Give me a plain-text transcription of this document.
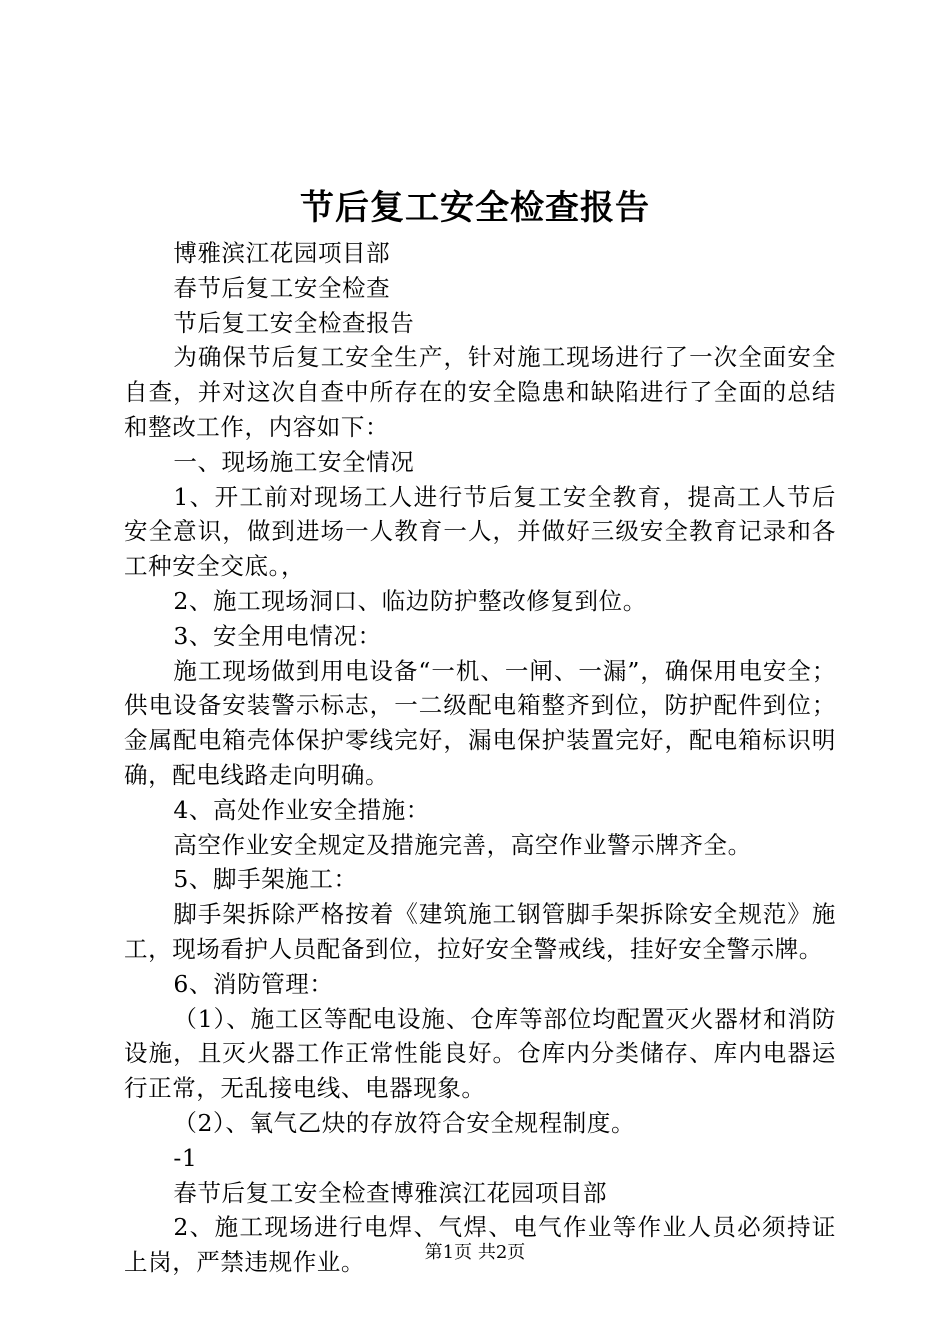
节后复工安全检查报告

博雅滨江花园项目部

春节后复工安全检查

节后复工安全检查报告

为确保节后复工安全生产，针对施工现场进行了一次全面安全自查，并对这次自查中所存在的安全隐患和缺陷进行了全面的总结和整改工作，内容如下：

一、现场施工安全情况

1、开工前对现场工人进行节后复工安全教育，提高工人节后安全意识，做到进场一人教育一人，并做好三级安全教育记录和各工种安全交底。，

2、施工现场洞口、临边防护整改修复到位。

3、安全用电情况：

施工现场做到用电设备“一机、一闸、一漏”，确保用电安全；供电设备安装警示标志，一二级配电箱整齐到位，防护配件到位；金属配电箱壳体保护零线完好，漏电保护装置完好，配电箱标识明确，配电线路走向明确。

4、高处作业安全措施：

高空作业安全规定及措施完善，高空作业警示牌齐全。

5、脚手架施工：

脚手架拆除严格按着《建筑施工钢管脚手架拆除安全规范》施工，现场看护人员配备到位，拉好安全警戒线，挂好安全警示牌。

6、消防管理：

（1）、施工区等配电设施、仓库等部位均配置灭火器材和消防设施，且灭火器工作正常性能良好。仓库内分类储存、库内电器运行正常，无乱接电线、电器现象。

（2）、氧气乙炔的存放符合安全规程制度。

-1

春节后复工安全检查博雅滨江花园项目部

2、施工现场进行电焊、气焊、电气作业等作业人员必须持证上岗，严禁违规作业。	第1页 共2页
